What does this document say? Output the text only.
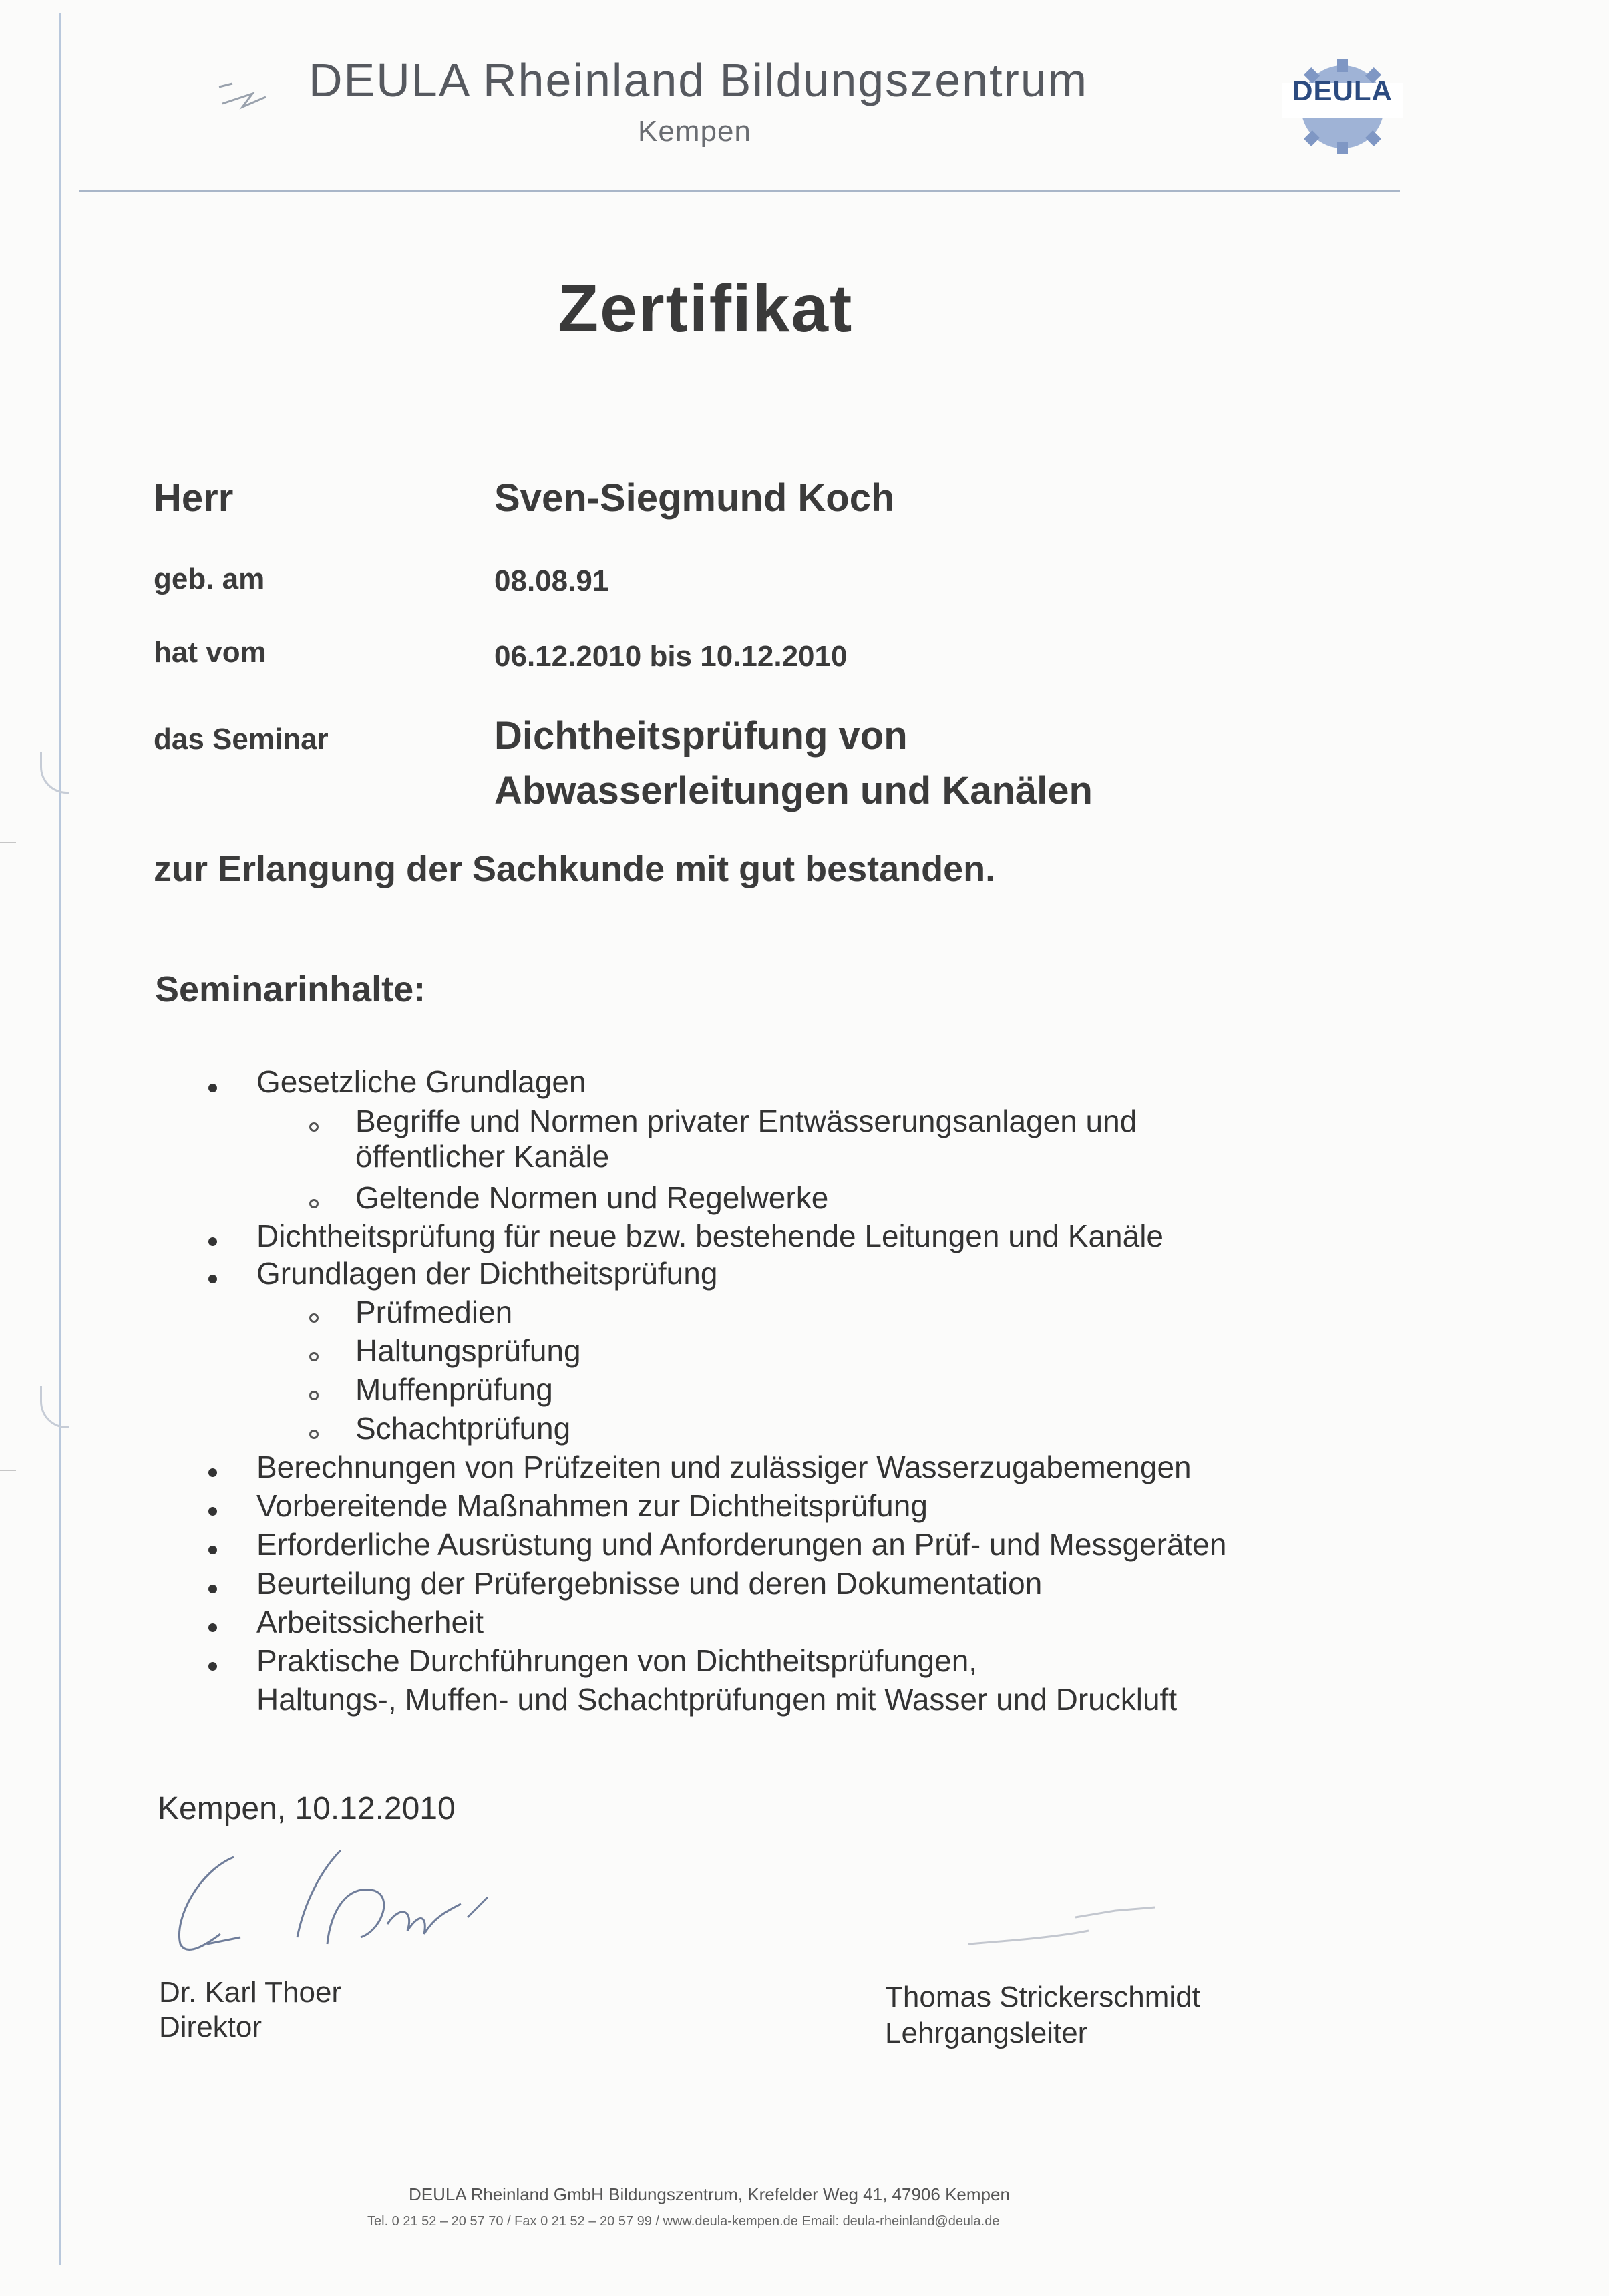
DEULA Rheinland Bildungszentrum
Kempen
DEULA
Zertifikat
Herr	Sven-Siegmund Koch
geb. am	08.08.91
hat vom	06.12.2010 bis 10.12.2010
das Seminar	Dichtheitsprüfung von
Abwasserleitungen und Kanälen
zur Erlangung der Sachkunde mit gut bestanden.
Seminarinhalte:
Gesetzliche Grundlagen
Begriffe und Normen privater Entwässerungsanlagen und
öffentlicher Kanäle
Geltende Normen und Regelwerke
Dichtheitsprüfung für neue bzw. bestehende Leitungen und Kanäle
Grundlagen der Dichtheitsprüfung
Prüfmedien
Haltungsprüfung
Muffenprüfung
Schachtprüfung
Berechnungen von Prüfzeiten und zulässiger Wasserzugabemengen
Vorbereitende Maßnahmen zur Dichtheitsprüfung
Erforderliche Ausrüstung und Anforderungen an Prüf- und Messgeräten
Beurteilung der Prüfergebnisse und deren Dokumentation
Arbeitssicherheit
Praktische Durchführungen von Dichtheitsprüfungen,
Haltungs-, Muffen- und Schachtprüfungen mit Wasser und Druckluft
Kempen, 10.12.2010
Dr. Karl Thoer
Direktor
Thomas Strickerschmidt
Lehrgangsleiter
DEULA Rheinland GmbH Bildungszentrum, Krefelder Weg 41, 47906 Kempen
Tel. 0 21 52 – 20 57 70 / Fax 0 21 52 – 20 57 99 / www.deula-kempen.de Email: deula-rheinland@deula.de
